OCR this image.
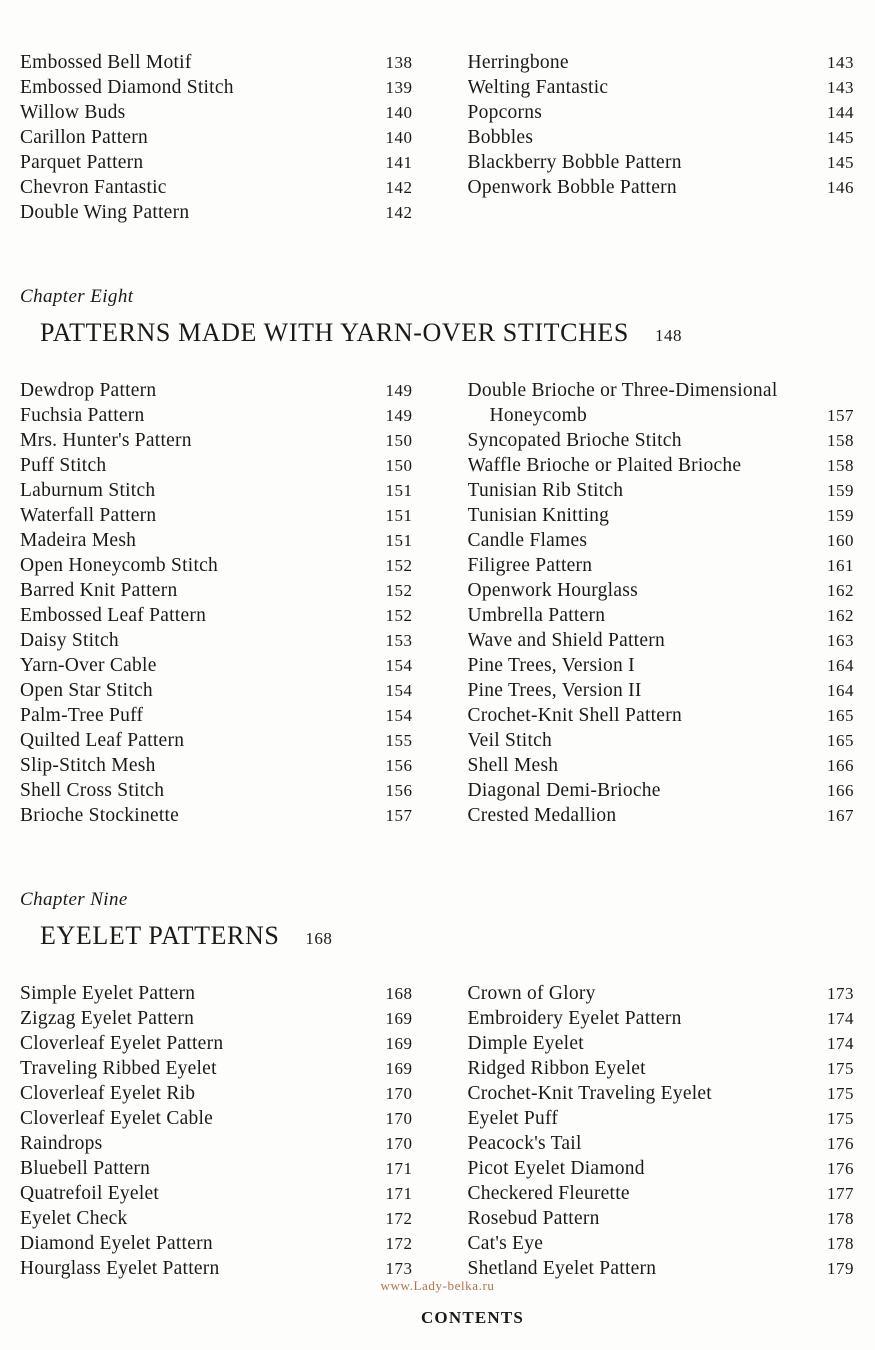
Embossed Bell Motif	138
Embossed Diamond Stitch	139
Willow Buds	140
Carillon Pattern	140
Parquet Pattern	141
Chevron Fantastic	142
Double Wing Pattern	142
Herringbone	143
Welting Fantastic	143
Popcorns	144
Bobbles	145
Blackberry Bobble Pattern	145
Openwork Bobble Pattern	146
Chapter Eight
PATTERNS MADE WITH YARN-OVER STITCHES 148
Dewdrop Pattern	149
Fuchsia Pattern	149
Mrs. Hunter's Pattern	150
Puff Stitch	150
Laburnum Stitch	151
Waterfall Pattern	151
Madeira Mesh	151
Open Honeycomb Stitch	152
Barred Knit Pattern	152
Embossed Leaf Pattern	152
Daisy Stitch	153
Yarn-Over Cable	154
Open Star Stitch	154
Palm-Tree Puff	154
Quilted Leaf Pattern	155
Slip-Stitch Mesh	156
Shell Cross Stitch	156
Brioche Stockinette	157
Double Brioche or Three-Dimensional
Honeycomb	157
Syncopated Brioche Stitch	158
Waffle Brioche or Plaited Brioche	158
Tunisian Rib Stitch	159
Tunisian Knitting	159
Candle Flames	160
Filigree Pattern	161
Openwork Hourglass	162
Umbrella Pattern	162
Wave and Shield Pattern	163
Pine Trees, Version I	164
Pine Trees, Version II	164
Crochet-Knit Shell Pattern	165
Veil Stitch	165
Shell Mesh	166
Diagonal Demi-Brioche	166
Crested Medallion	167
Chapter Nine
EYELET PATTERNS 168
Simple Eyelet Pattern	168
Zigzag Eyelet Pattern	169
Cloverleaf Eyelet Pattern	169
Traveling Ribbed Eyelet	169
Cloverleaf Eyelet Rib	170
Cloverleaf Eyelet Cable	170
Raindrops	170
Bluebell Pattern	171
Quatrefoil Eyelet	171
Eyelet Check	172
Diamond Eyelet Pattern	172
Hourglass Eyelet Pattern	173
Crown of Glory	173
Embroidery Eyelet Pattern	174
Dimple Eyelet	174
Ridged Ribbon Eyelet	175
Crochet-Knit Traveling Eyelet	175
Eyelet Puff	175
Peacock's Tail	176
Picot Eyelet Diamond	176
Checkered Fleurette	177
Rosebud Pattern	178
Cat's Eye	178
Shetland Eyelet Pattern	179
www.Lady-belka.ru
CONTENTS
